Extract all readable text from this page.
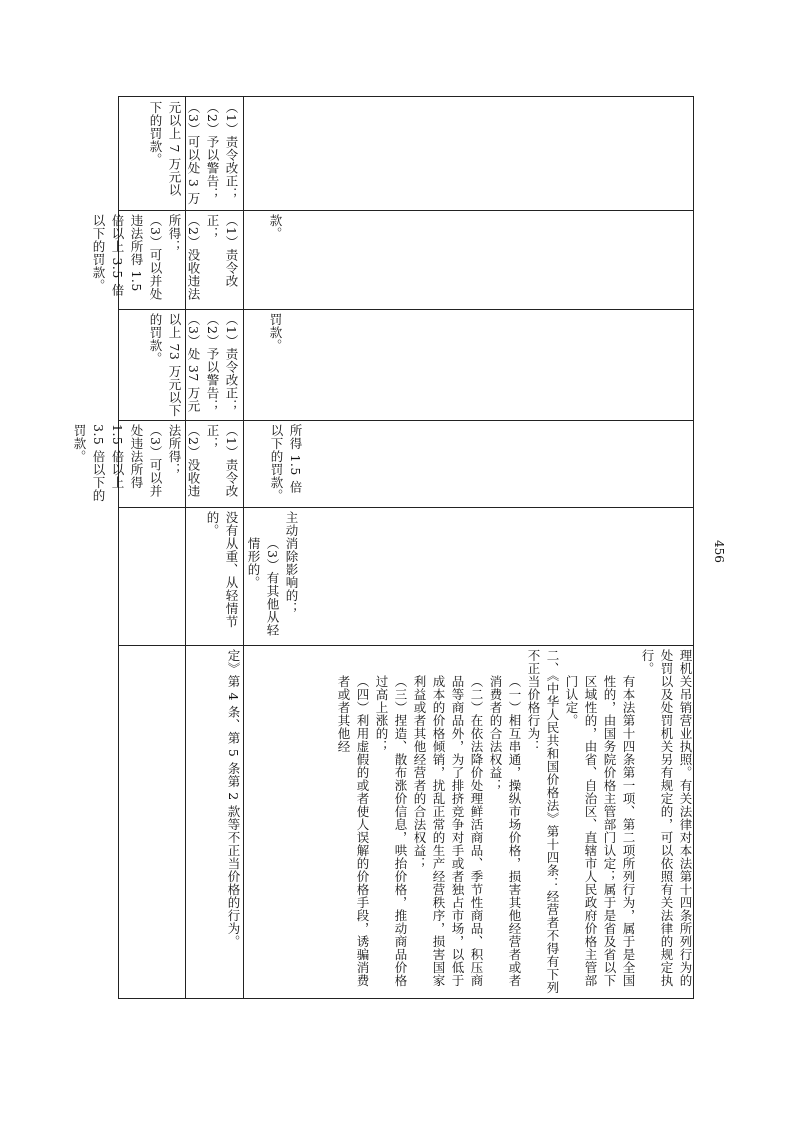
理机关吊销营业执照。有关法律对本法第十四条所列行为的处罚以及处罚机关另有规定的，可以依照有关法律的规定执行。

有本法第十四条第一项、第二项所列行为，属于是全国性的，由国务院价格主管部门认定；属于是省及省以下区域性的，由省、自治区、直辖市人民政府价格主管部门认定。

二、《中华人民共和国价格法》第十四条：经营者不得有下列不正当价格行为：

（一）相互串通，操纵市场价格，损害其他经营者或者消费者的合法权益；

（二）在依法降价处理鲜活商品、季节性商品、积压商品等商品外，为了排挤竞争对手或者独占市场，以低于成本的价格倾销，扰乱正常的生产经营秩序，损害国家利益或者其他经营者的合法权益；

（三）捏造、散布涨价信息，哄抬价格，推动商品价格过高上涨的；

（四）利用虚假的或者使人误解的价格手段，诱骗消费者或者其他经

主动消除影响的；

（3）有其他从轻情形的。

所得 1.5 倍以下的罚款。

罚款。

款。

定》第 4 条、第 5 条第 2 款等不正当价格的行为。

没有从重、从轻情节的。

（1）责令改正；

（2）没收违法所得；

（3）可以并处违法所得 1.5 倍以上 3.5 倍以下的罚款。

（1）责令改正；

（2）予以警告；

（3）处 37 万元以上 73 万元以下的罚款。

（1）责令改正；

（2）没收违法所得；

（3）可以并处违法所得 1.5 倍以上 3.5 倍以下的罚款。

（1）责令改正；

（2）予以警告；

（3）可以处 3 万元以上 7 万元以下的罚款。

456
